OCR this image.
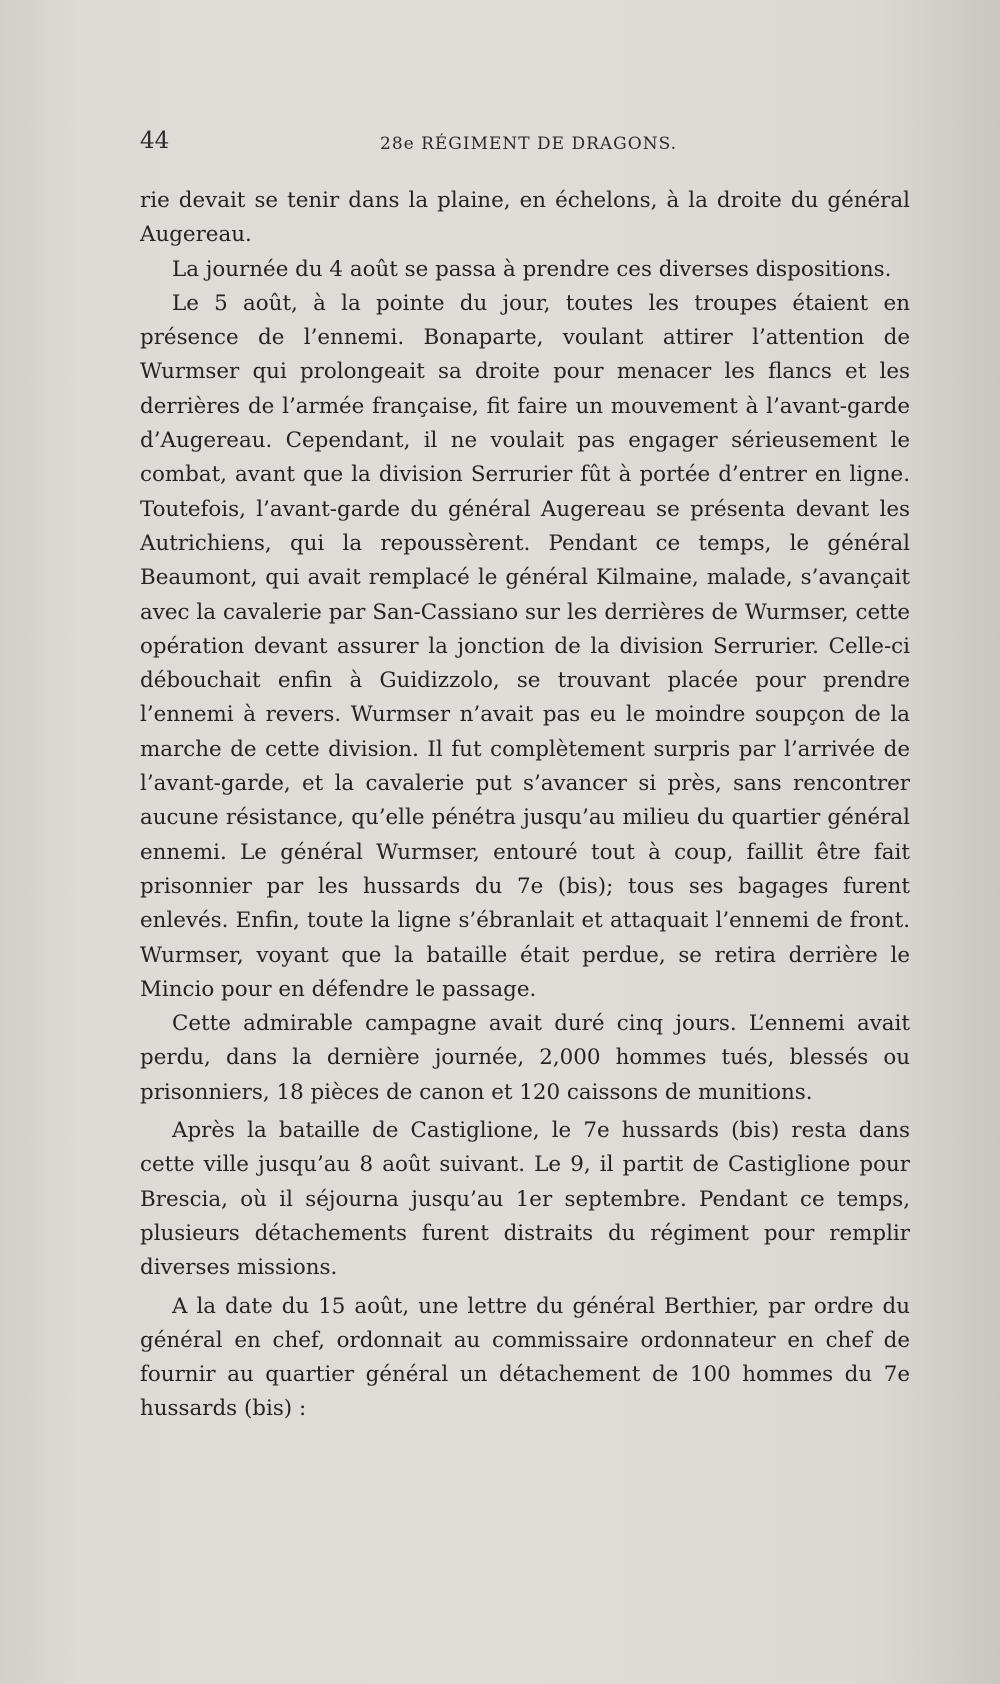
44	28e RÉGIMENT DE DRAGONS.

rie devait se tenir dans la plaine, en échelons, à la droite du général Augereau.

La journée du 4 août se passa à prendre ces diverses dispositions.

Le 5 août, à la pointe du jour, toutes les troupes étaient en présence de l’ennemi. Bonaparte, voulant attirer l’attention de Wurmser qui prolongeait sa droite pour menacer les flancs et les derrières de l’armée française, fit faire un mouvement à l’avant-garde d’Augereau. Cependant, il ne voulait pas engager sérieusement le combat, avant que la division Serrurier fût à portée d’entrer en ligne. Toutefois, l’avant-garde du général Augereau se présenta devant les Autrichiens, qui la repoussèrent. Pendant ce temps, le général Beaumont, qui avait remplacé le général Kilmaine, malade, s’avançait avec la cavalerie par San-Cassiano sur les derrières de Wurmser, cette opération devant assurer la jonction de la division Serrurier. Celle-ci débouchait enfin à Guidizzolo, se trouvant placée pour prendre l’ennemi à revers. Wurmser n’avait pas eu le moindre soupçon de la marche de cette division. Il fut complètement surpris par l’arrivée de l’avant-garde, et la cavalerie put s’avancer si près, sans rencontrer aucune résistance, qu’elle pénétra jusqu’au milieu du quartier général ennemi. Le général Wurmser, entouré tout à coup, faillit être fait prisonnier par les hussards du 7e (bis); tous ses bagages furent enlevés. Enfin, toute la ligne s’ébranlait et attaquait l’ennemi de front. Wurmser, voyant que la bataille était perdue, se retira derrière le Mincio pour en défendre le passage.

Cette admirable campagne avait duré cinq jours. L’ennemi avait perdu, dans la dernière journée, 2,000 hommes tués, blessés ou prisonniers, 18 pièces de canon et 120 caissons de munitions.

Après la bataille de Castiglione, le 7e hussards (bis) resta dans cette ville jusqu’au 8 août suivant. Le 9, il partit de Castiglione pour Brescia, où il séjourna jusqu’au 1er septembre. Pendant ce temps, plusieurs détachements furent distraits du régiment pour remplir diverses missions.

A la date du 15 août, une lettre du général Berthier, par ordre du général en chef, ordonnait au commissaire ordonnateur en chef de fournir au quartier général un détachement de 100 hommes du 7e hussards (bis) :
